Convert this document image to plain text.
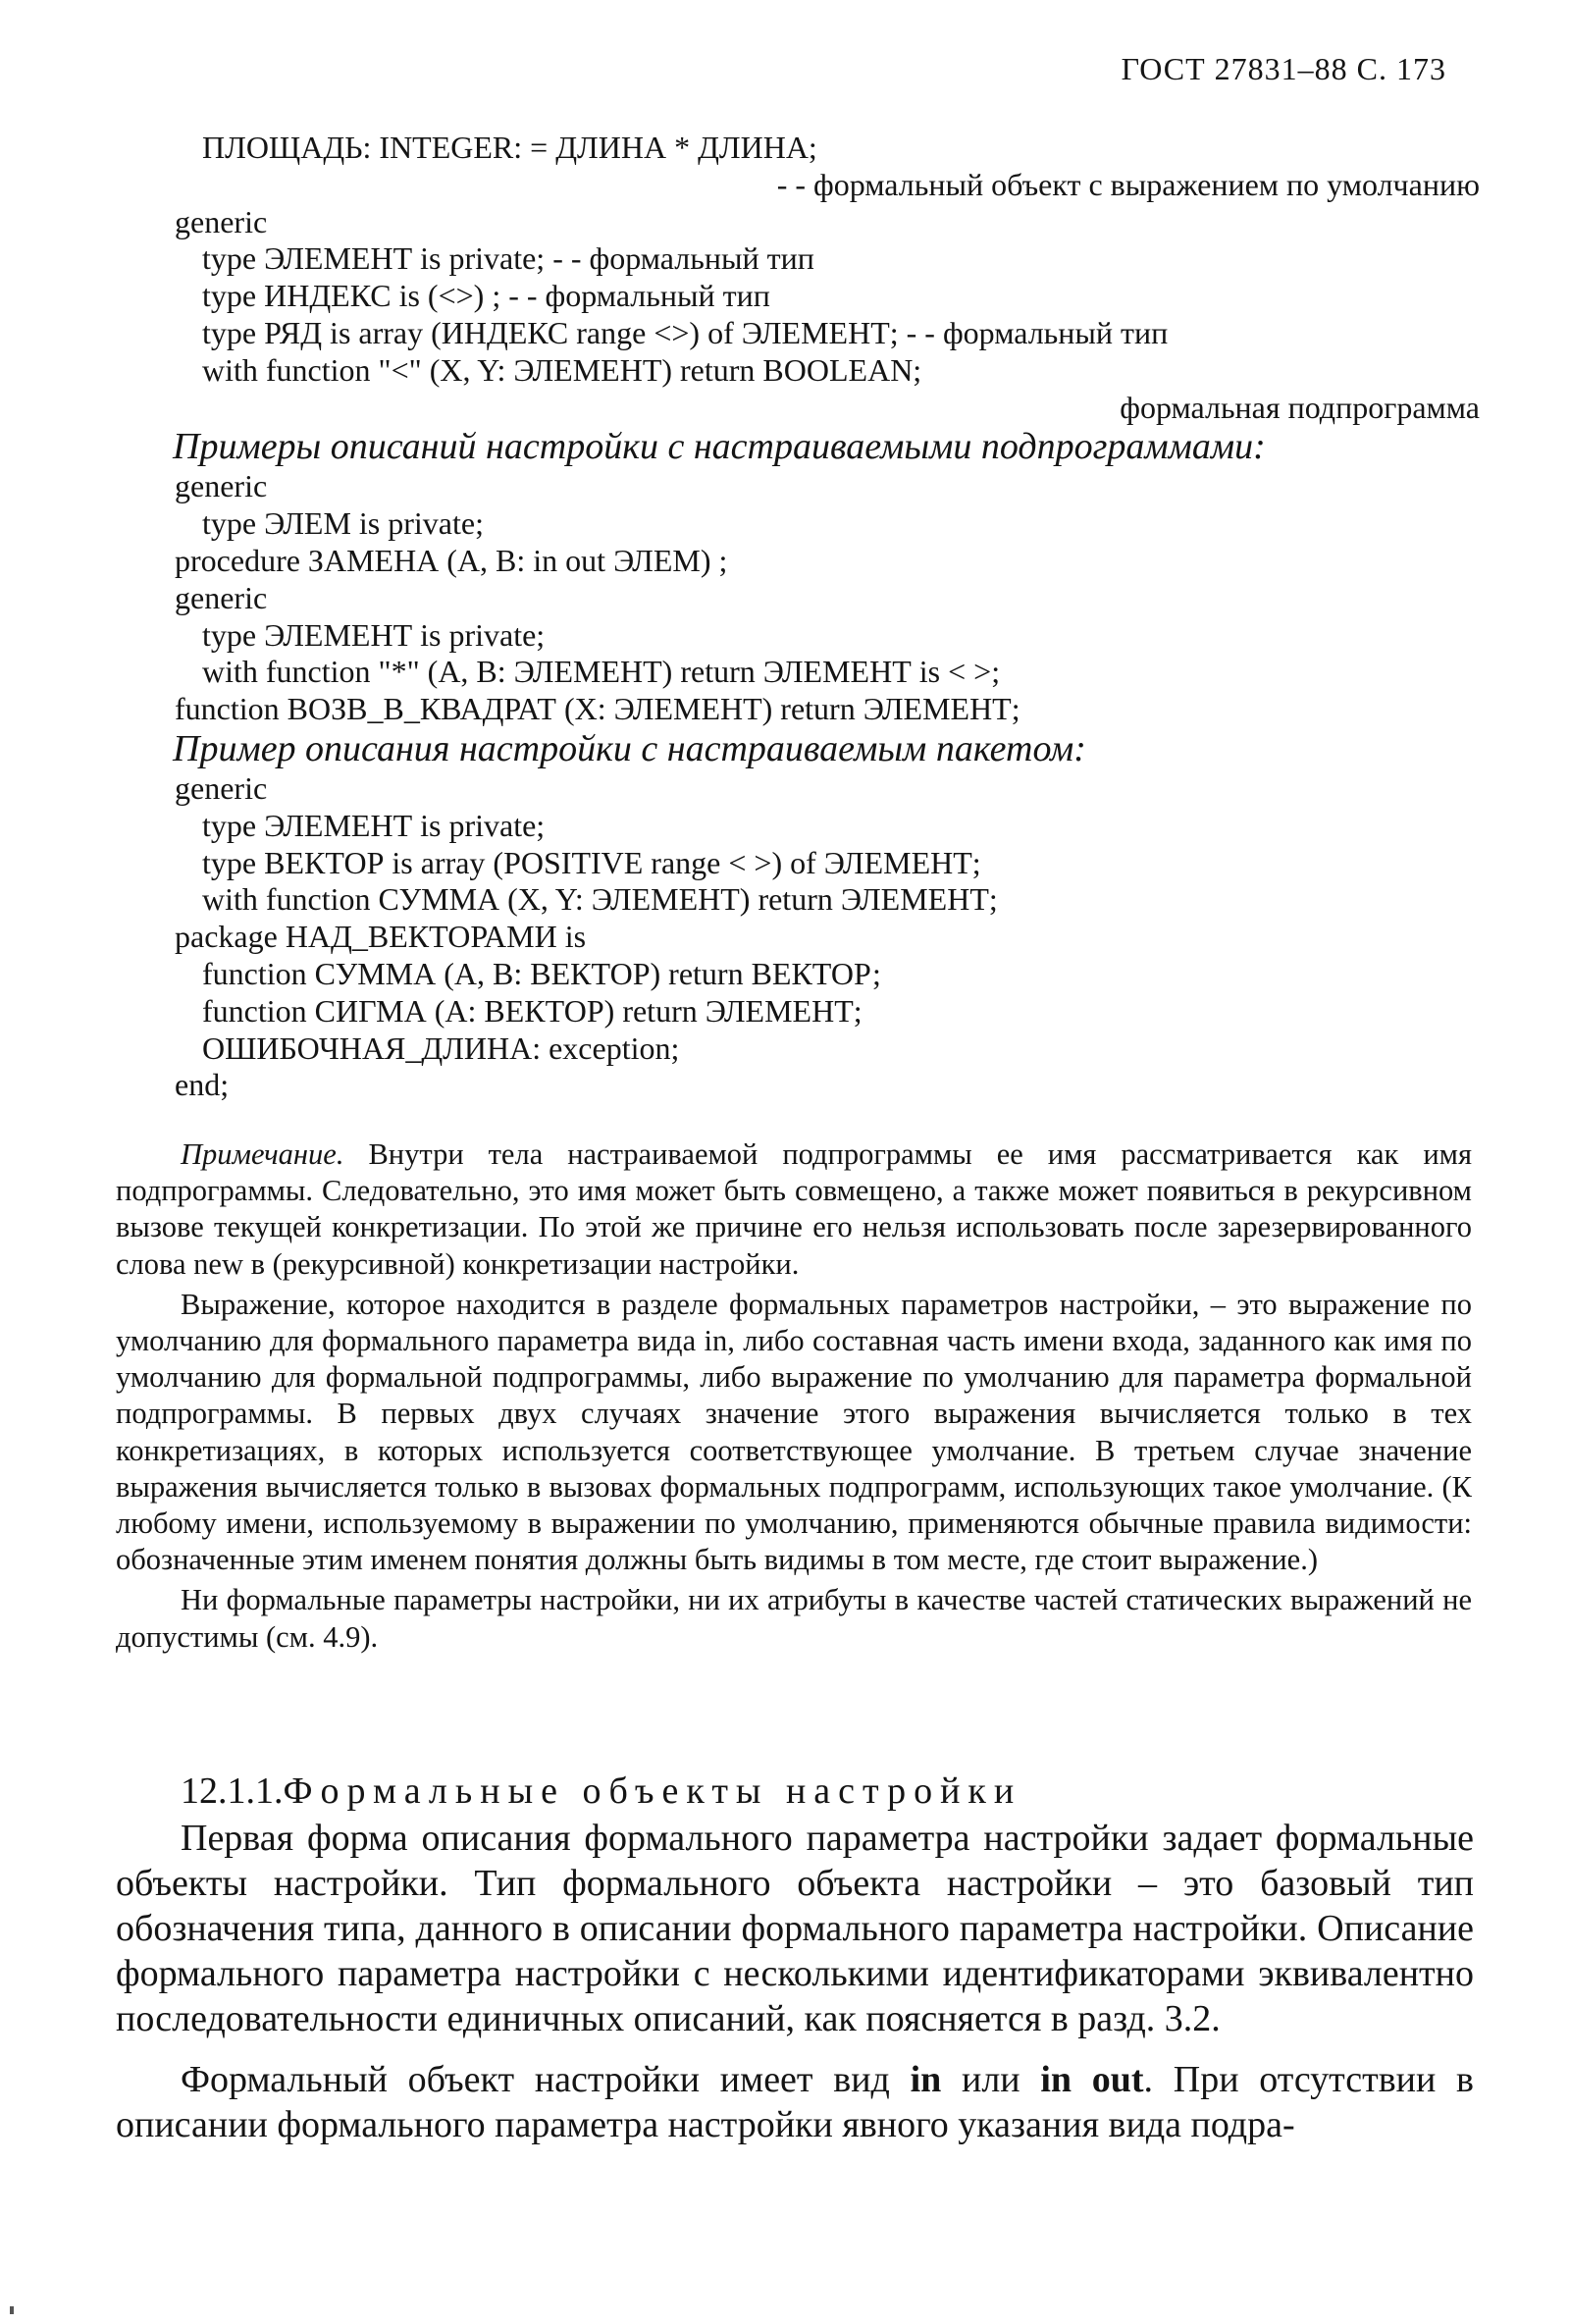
ГОСТ 27831–88 С. 173
ПЛОЩАДЬ: INTEGER: = ДЛИНА * ДЛИНА;
- - формальный объект с выражением по умолчанию
generic
type ЭЛЕМЕНТ is private; - - формальный тип
type ИНДЕКС is (<>) ; - - формальный тип
type РЯД is array (ИНДЕКС range <>) of ЭЛЕМЕНТ; - - формальный тип
with function "<" (X, Y: ЭЛЕМЕНТ) return BOOLEAN;
формальная подпрограмма
Примеры описаний настройки с настраиваемыми подпрограммами:
generic
type ЭЛЕМ is private;
procedure ЗАМЕНА (A, B: in out ЭЛЕМ) ;
generic
type ЭЛЕМЕНТ is private;
with function "*" (A, B: ЭЛЕМЕНТ) return ЭЛЕМЕНТ is < >;
function ВОЗВ_В_КВАДРАТ (X: ЭЛЕМЕНТ) return ЭЛЕМЕНТ;
Пример описания настройки с настраиваемым пакетом:
generic
type ЭЛЕМЕНТ is private;
type ВЕКТОР is array (POSITIVE range < >) of ЭЛЕМЕНТ;
with function СУММА (X, Y: ЭЛЕМЕНТ) return ЭЛЕМЕНТ;
package НАД_ВЕКТОРАМИ is
function СУММА (A, B: ВЕКТОР) return ВЕКТОР;
function СИГМА (A: ВЕКТОР) return ЭЛЕМЕНТ;
ОШИБОЧНАЯ_ДЛИНА: exception;
end;

Примечание. Внутри тела настраиваемой подпрограммы ее имя рассматривается как имя подпрограммы. Следовательно, это имя может быть совмещено, а также может появиться в рекурсивном вызове текущей конкретизации. По этой же причине его нельзя использовать после зарезервированного слова new в (рекурсивной) конкретизации настройки.

Выражение, которое находится в разделе формальных параметров настройки, – это выражение по умолчанию для формального параметра вида in, либо составная часть имени входа, заданного как имя по умолчанию для формальной подпрограммы, либо выражение по умолчанию для параметра формальной подпрограммы. В первых двух случаях значение этого выражения вычисляется только в тех конкретизациях, в которых используется соответствующее умолчание. В третьем случае значение выражения вычисляется только в вызовах формальных подпрограмм, использующих такое умолчание. (К любому имени, используемому в выражении по умолчанию, применяются обычные правила видимости: обозначенные этим именем понятия должны быть видимы в том месте, где стоит выражение.)

Ни формальные параметры настройки, ни их атрибуты в качестве частей статических выражений не допустимы (см. 4.9).

12.1.1.Формальные объекты настройки

Первая форма описания формального параметра настройки задает формальные объекты настройки. Тип формального объекта настройки – это базовый тип обозначения типа, данного в описании формального параметра настройки. Описание формального параметра настройки с несколькими идентификаторами эквивалентно последовательности единичных описаний, как поясняется в разд. 3.2.

Формальный объект настройки имеет вид in или in out. При отсутствии в описании формального параметра настройки явного указания вида подра-
